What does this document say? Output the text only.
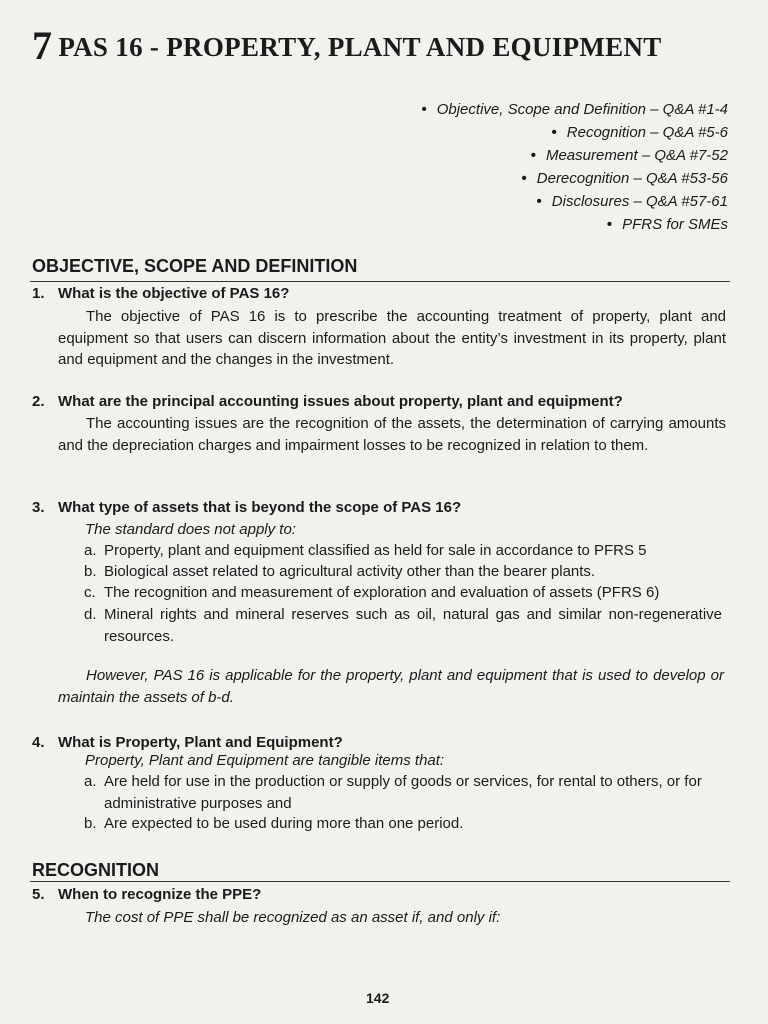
7 PAS 16 - PROPERTY, PLANT AND EQUIPMENT
• Objective, Scope and Definition – Q&A #1-4
• Recognition – Q&A #5-6
• Measurement – Q&A #7-52
• Derecognition – Q&A #53-56
• Disclosures – Q&A #57-61
• PFRS for SMEs
OBJECTIVE, SCOPE AND DEFINITION
1. What is the objective of PAS 16?
The objective of PAS 16 is to prescribe the accounting treatment of property, plant and equipment so that users can discern information about the entity’s investment in its property, plant and equipment and the changes in the investment.
2. What are the principal accounting issues about property, plant and equipment?
The accounting issues are the recognition of the assets, the determination of carrying amounts and the depreciation charges and impairment losses to be recognized in relation to them.
3. What type of assets that is beyond the scope of PAS 16?
The standard does not apply to:
a. Property, plant and equipment classified as held for sale in accordance to PFRS 5
b. Biological asset related to agricultural activity other than the bearer plants.
c. The recognition and measurement of exploration and evaluation of assets (PFRS 6)
d. Mineral rights and mineral reserves such as oil, natural gas and similar non-regenerative resources.
However, PAS 16 is applicable for the property, plant and equipment that is used to develop or maintain the assets of b-d.
4. What is Property, Plant and Equipment?
Property, Plant and Equipment are tangible items that:
a. Are held for use in the production or supply of goods or services, for rental to others, or for administrative purposes and
b. Are expected to be used during more than one period.
RECOGNITION
5. When to recognize the PPE?
The cost of PPE shall be recognized as an asset if, and only if:
142
